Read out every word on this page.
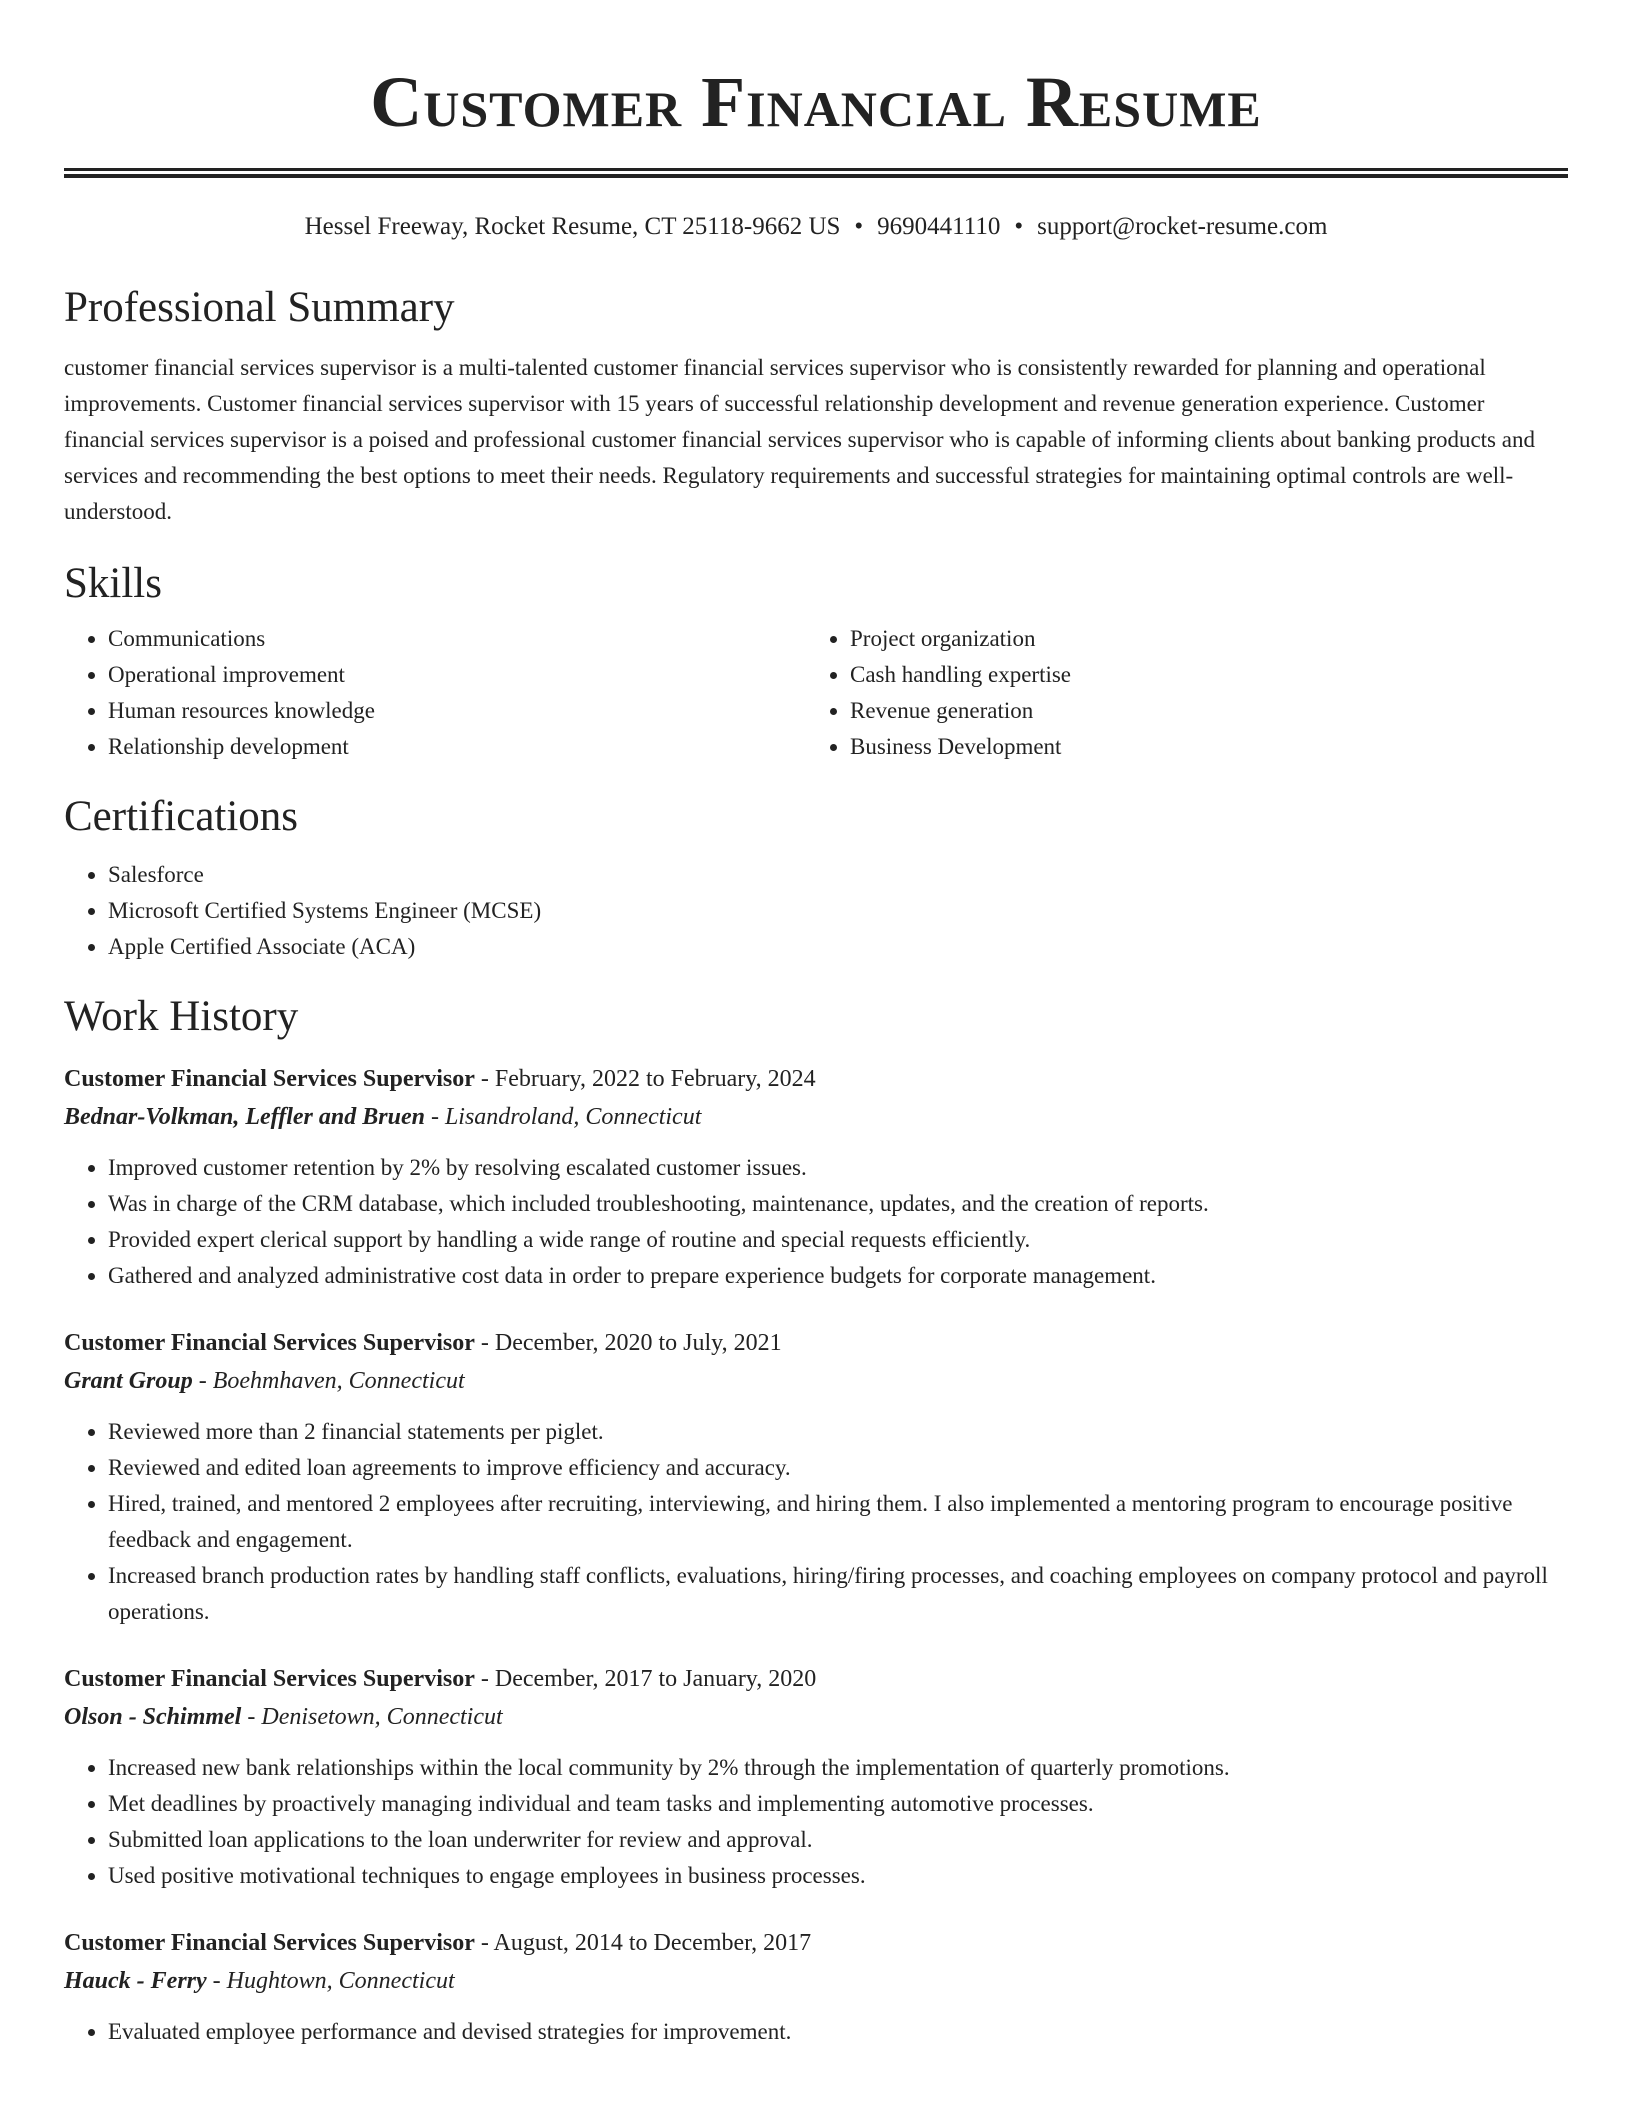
Customer Financial Resume
Hessel Freeway, Rocket Resume, CT 25118-9662 US • 9690441110 • support@rocket-resume.com
Professional Summary

customer financial services supervisor is a multi-talented customer financial services supervisor who is consistently rewarded for planning and operational improvements. Customer financial services supervisor with 15 years of successful relationship development and revenue generation experience. Customer financial services supervisor is a poised and professional customer financial services supervisor who is capable of informing clients about banking products and services and recommending the best options to meet their needs. Regulatory requirements and successful strategies for maintaining optimal controls are well-understood.

Skills
• Communications
• Operational improvement
• Human resources knowledge
• Relationship development
• Project organization
• Cash handling expertise
• Revenue generation
• Business Development
Certifications
• Salesforce
• Microsoft Certified Systems Engineer (MCSE)
• Apple Certified Associate (ACA)
Work History
Customer Financial Services Supervisor - February, 2022 to February, 2024
Bednar-Volkman, Leffler and Bruen - Lisandroland, Connecticut
• Improved customer retention by 2% by resolving escalated customer issues.
• Was in charge of the CRM database, which included troubleshooting, maintenance, updates, and the creation of reports.
• Provided expert clerical support by handling a wide range of routine and special requests efficiently.
• Gathered and analyzed administrative cost data in order to prepare experience budgets for corporate management.
Customer Financial Services Supervisor - December, 2020 to July, 2021
Grant Group - Boehmhaven, Connecticut
• Reviewed more than 2 financial statements per piglet.
• Reviewed and edited loan agreements to improve efficiency and accuracy.
• Hired, trained, and mentored 2 employees after recruiting, interviewing, and hiring them. I also implemented a mentoring program to encourage positive feedback and engagement.
• Increased branch production rates by handling staff conflicts, evaluations, hiring/firing processes, and coaching employees on company protocol and payroll operations.
Customer Financial Services Supervisor - December, 2017 to January, 2020
Olson - Schimmel - Denisetown, Connecticut
• Increased new bank relationships within the local community by 2% through the implementation of quarterly promotions.
• Met deadlines by proactively managing individual and team tasks and implementing automotive processes.
• Submitted loan applications to the loan underwriter for review and approval.
• Used positive motivational techniques to engage employees in business processes.
Customer Financial Services Supervisor - August, 2014 to December, 2017
Hauck - Ferry - Hughtown, Connecticut
• Evaluated employee performance and devised strategies for improvement.
